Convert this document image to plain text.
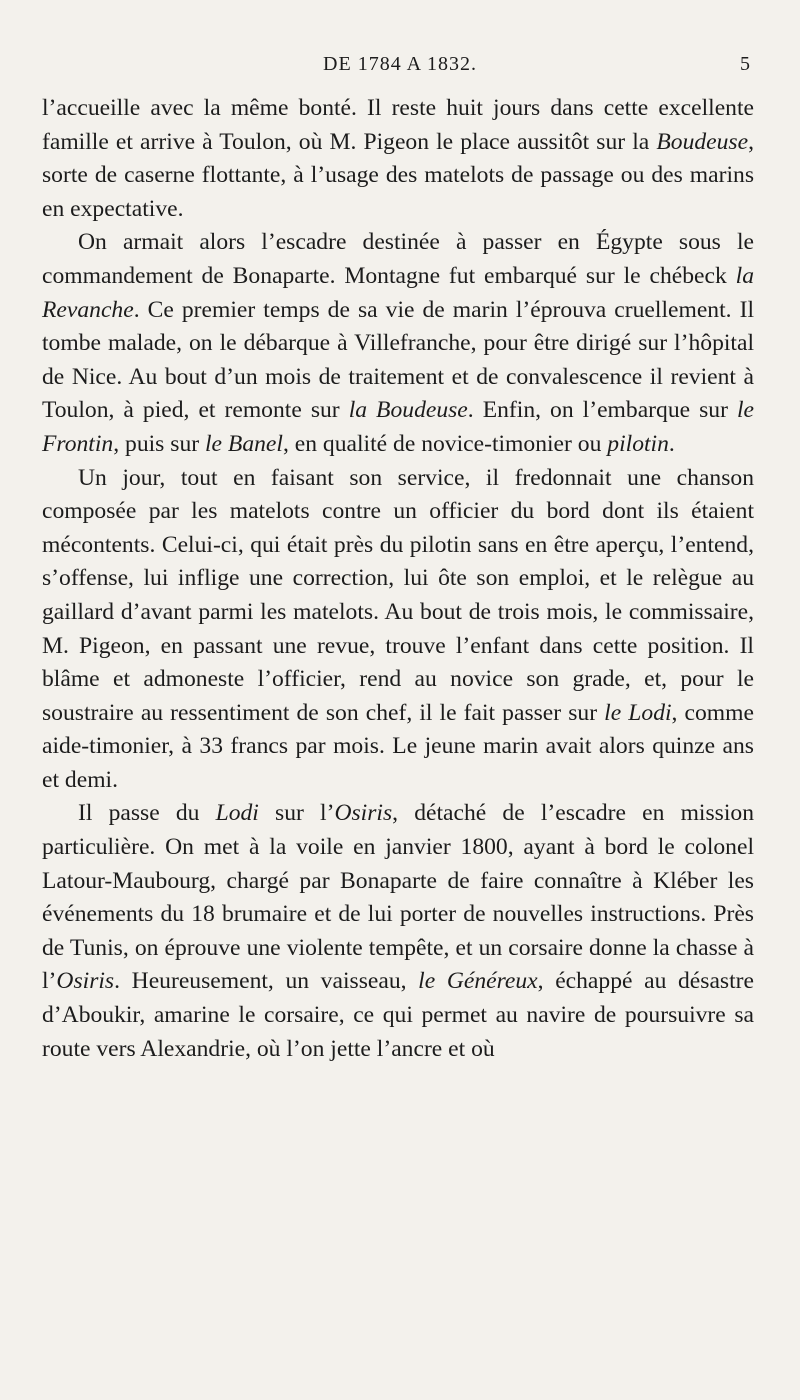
DE 1784 A 1832.	5

l’accueille avec la même bonté. Il reste huit jours dans cette excellente famille et arrive à Toulon, où M. Pigeon le place aussitôt sur la Boudeuse, sorte de caserne flottante, à l’usage des matelots de passage ou des marins en expectative.

On armait alors l’escadre destinée à passer en Égypte sous le commandement de Bonaparte. Montagne fut embarqué sur le chébeck la Revanche. Ce premier temps de sa vie de marin l’éprouva cruellement. Il tombe malade, on le débarque à Villefranche, pour être dirigé sur l’hôpital de Nice. Au bout d’un mois de traitement et de convalescence il revient à Toulon, à pied, et remonte sur la Boudeuse. Enfin, on l’embarque sur le Frontin, puis sur le Banel, en qualité de novice-timonier ou pilotin.

Un jour, tout en faisant son service, il fredonnait une chanson composée par les matelots contre un officier du bord dont ils étaient mécontents. Celui-ci, qui était près du pilotin sans en être aperçu, l’entend, s’offense, lui inflige une correction, lui ôte son emploi, et le relègue au gaillard d’avant parmi les matelots. Au bout de trois mois, le commissaire, M. Pigeon, en passant une revue, trouve l’enfant dans cette position. Il blâme et admoneste l’officier, rend au novice son grade, et, pour le soustraire au ressentiment de son chef, il le fait passer sur le Lodi, comme aide-timonier, à 33 francs par mois. Le jeune marin avait alors quinze ans et demi.

Il passe du Lodi sur l’Osiris, détaché de l’escadre en mission particulière. On met à la voile en janvier 1800, ayant à bord le colonel Latour-Maubourg, chargé par Bonaparte de faire connaître à Kléber les événements du 18 brumaire et de lui porter de nouvelles instructions. Près de Tunis, on éprouve une violente tempête, et un corsaire donne la chasse à l’Osiris. Heureusement, un vaisseau, le Généreux, échappé au désastre d’Aboukir, amarine le corsaire, ce qui permet au navire de poursuivre sa route vers Alexandrie, où l’on jette l’ancre et où
